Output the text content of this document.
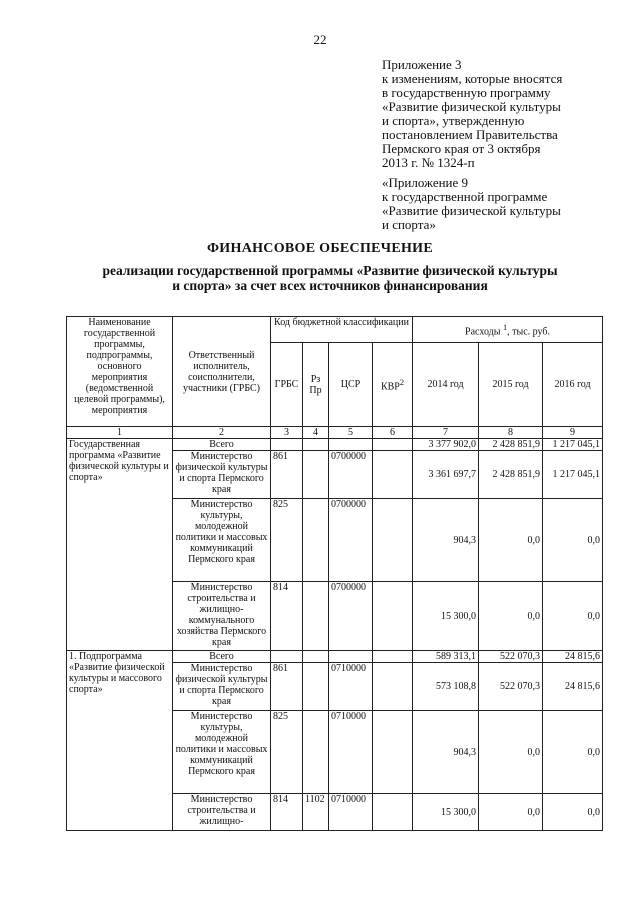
22
Приложение 3
к изменениям, которые вносятся
в государственную программу
«Развитие физической культуры
и спорта», утвержденную
постановлением Правительства
Пермского края от 3 октября
2013 г. № 1324-п
«Приложение 9
к государственной программе
«Развитие физической культуры
и спорта»
ФИНАНСОВОЕ ОБЕСПЕЧЕНИЕ
реализации государственной программы «Развитие физической культуры
и спорта» за счет всех источников финансирования
Наименование государственной программы, подпрограммы, основного мероприятия (ведомственной целевой программы), мероприятия	Ответственный исполнитель, соисполнители, участники (ГРБС)	Код бюджетной классификации				Расходы $^1$, тыс. руб.		
		ГРБС	Рз Пр	ЦСР	КВР$^2$	2014 год	2015 год	2016 год
1	2	3	4	5	6	7	8	9
Государственная программа «Развитие физической культуры и спорта»	Всего					3 377 902,0	2 428 851,9	1 217 045,1
	Министерство физической культуры и спорта Пермского края	861		0700000		3 361 697,7	2 428 851,9	1 217 045,1
	Министерство культуры, молодежной политики и массовых коммуникаций Пермского края	825		0700000		904,3	0,0	0,0
	Министерство строительства и жилищно-коммунального хозяйства Пермского края	814		0700000		15 300,0	0,0	0,0
1. Подпрограмма «Развитие физической культуры и массового спорта»	Всего					589 313,1	522 070,3	24 815,6
	Министерство физической культуры и спорта Пермского края	861		0710000		573 108,8	522 070,3	24 815,6
	Министерство культуры, молодежной политики и массовых коммуникаций Пермского края	825		0710000		904,3	0,0	0,0
	Министерство строительства и жилищно-	814	1102	0710000		15 300,0	0,0	0,0
